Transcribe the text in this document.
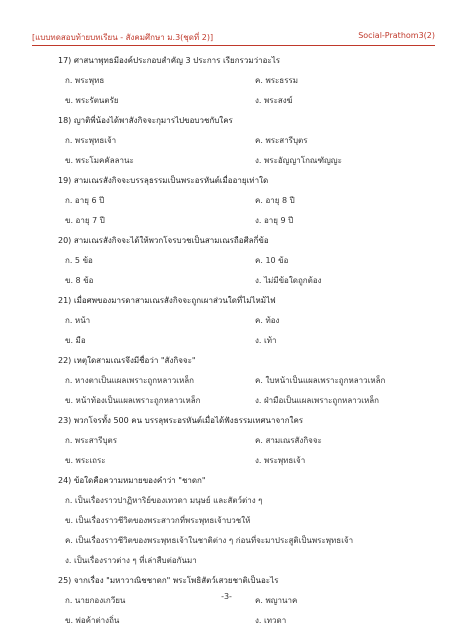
[แบบทดสอบท้ายบทเรียน - สังคมศึกษา ม.3(ชุดที่ 2)]	Social-Prathom3(2)
17) ศาสนาพุทธมีองค์ประกอบสำคัญ 3 ประการ เรียกรวมว่าอะไร
ก. พระพุทธ	ค. พระธรรม
ข. พระรัตนตรัย	ง. พระสงฆ์
18) ญาติพี่น้องได้พาสังกิจจะกุมารไปขอบวชกับใคร
ก. พระพุทธเจ้า	ค. พระสารีบุตร
ข. พระโมคคัลลานะ	ง. พระอัญญาโกณฑัญญะ
19) สามเณรสังกิจจะบรรลุธรรมเป็นพระอรหันต์เมื่ออายุเท่าใด
ก. อายุ 6 ปี	ค. อายุ 8 ปี
ข. อายุ 7 ปี	ง. อายุ 9 ปี
20) สามเณรสังกิจจะได้ให้พวกโจรบวชเป็นสามเณรถือศีลกี่ข้อ
ก. 5 ข้อ	ค. 10 ข้อ
ข. 8 ข้อ	ง. ไม่มีข้อใดถูกต้อง
21) เมื่อศพของมารดาสามเณรสังกิจจะถูกเผาส่วนใดที่ไม่ไหม้ไฟ
ก. หน้า	ค. ท้อง
ข. มือ	ง. เท้า
22) เหตุใดสามเณรจึงมีชื่อว่า "สังกิจจะ"
ก. หางตาเป็นแผลเพราะถูกหลาวเหล็ก	ค. ใบหน้าเป็นแผลเพราะถูกหลาวเหล็ก
ข. หน้าท้องเป็นแผลเพราะถูกหลาวเหล็ก	ง. ฝ่ามือเป็นแผลเพราะถูกหลาวเหล็ก
23) พวกโจรทั้ง 500 คน บรรลุพระอรหันต์เมื่อได้ฟังธรรมเทศนาจากใคร
ก. พระสารีบุตร	ค. สามเณรสังกิจจะ
ข. พระเถระ	ง. พระพุทธเจ้า
24) ข้อใดคือความหมายของคำว่า "ชาดก"
ก. เป็นเรื่องราวปาฏิหาริย์ของเทวดา มนุษย์ และสัตว์ต่าง ๆ
ข. เป็นเรื่องราวชีวิตของพระสาวกที่พระพุทธเจ้าบวชให้
ค. เป็นเรื่องราวชีวิตของพระพุทธเจ้าในชาติต่าง ๆ ก่อนที่จะมาประสูติเป็นพระพุทธเจ้า
ง. เป็นเรื่องราวต่าง ๆ ที่เล่าสืบต่อกันมา
25) จากเรื่อง "มหาวาณิชชาดก" พระโพธิสัตว์เสวยชาติเป็นอะไร
ก. นายกองเกวียน	ค. พญานาค
ข. พ่อค้าต่างถิ่น	ง. เทวดา
-3-
